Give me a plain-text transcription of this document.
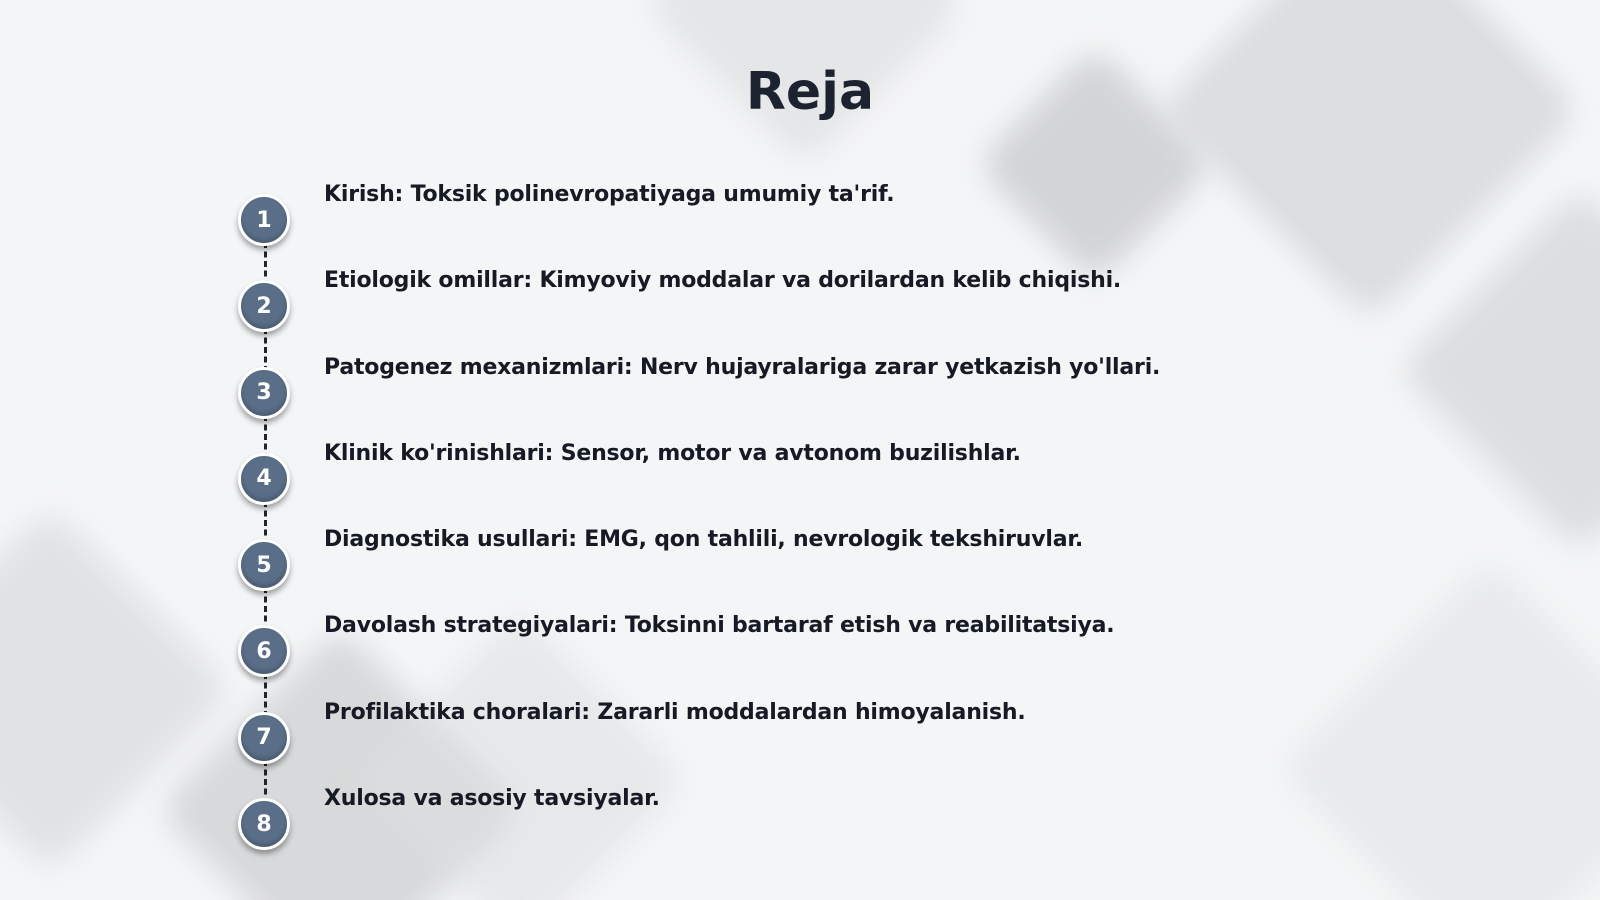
Reja
1
Kirish: Toksik polinevropatiyaga umumiy ta'rif.
2
Etiologik omillar: Kimyoviy moddalar va dorilardan kelib chiqishi.
3
Patogenez mexanizmlari: Nerv hujayralariga zarar yetkazish yo'llari.
4
Klinik ko'rinishlari: Sensor, motor va avtonom buzilishlar.
5
Diagnostika usullari: EMG, qon tahlili, nevrologik tekshiruvlar.
6
Davolash strategiyalari: Toksinni bartaraf etish va reabilitatsiya.
7
Profilaktika choralari: Zararli moddalardan himoyalanish.
8
Xulosa va asosiy tavsiyalar.
